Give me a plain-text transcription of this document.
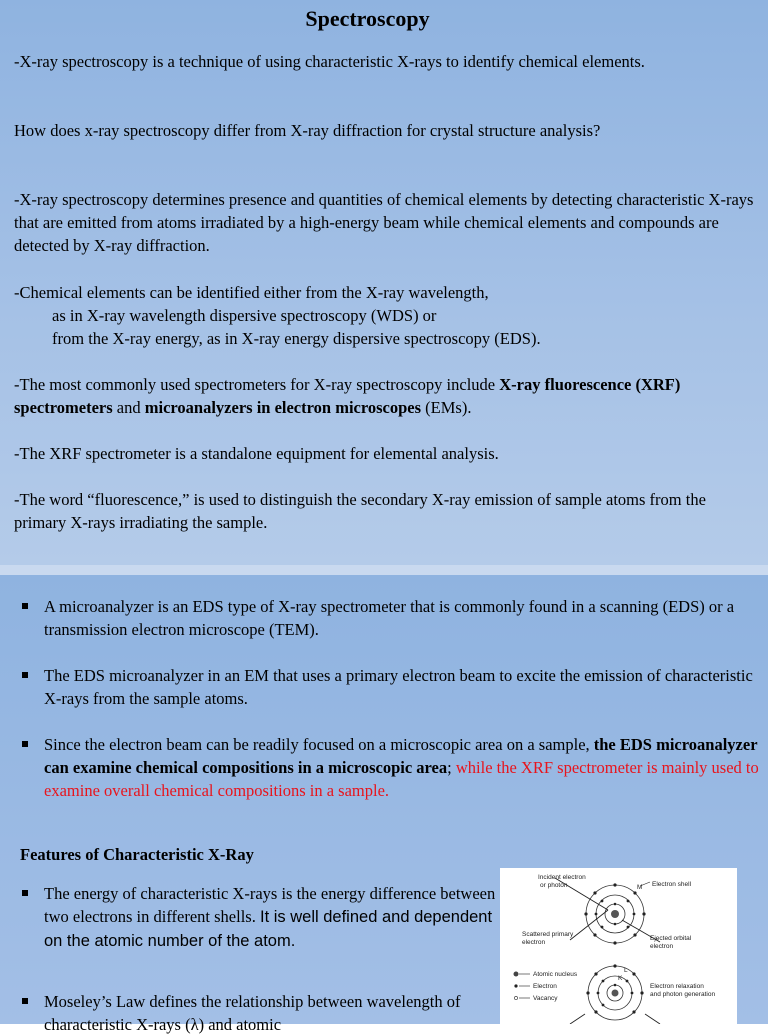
Spectroscopy

-X-ray spectroscopy is a technique of using characteristic X-rays to identify chemical elements.

How does x-ray spectroscopy differ from X-ray diffraction for crystal structure analysis?

-X-ray spectroscopy determines presence and quantities of chemical elements by detecting characteristic X-rays that are emitted from atoms irradiated by a high-energy beam while chemical elements and compounds are detected by X-ray diffraction.

-Chemical elements can be identified either from the X-ray wavelength,
as in X-ray wavelength dispersive spectroscopy (WDS) or
from the X-ray energy, as in X-ray energy dispersive spectroscopy (EDS).

-The most commonly used spectrometers for X-ray spectroscopy include X-ray fluorescence (XRF) spectrometers and microanalyzers in electron microscopes (EMs).

-The XRF spectrometer is a standalone equipment for elemental analysis.

-The word “fluorescence,” is used to distinguish the secondary X-ray emission of sample atoms from the primary X-rays irradiating the sample.

A microanalyzer is an EDS type of X-ray spectrometer that is commonly found in a scanning (EDS) or a transmission electron microscope (TEM).
The EDS microanalyzer in an EM that uses a primary electron beam to excite the emission of characteristic X-rays from the sample atoms.
Since the electron beam can be readily focused on a microscopic area on a sample, the EDS microanalyzer can examine chemical compositions in a microscopic area; while the XRF spectrometer is mainly used to examine overall chemical compositions in a sample.
Features of Characteristic X-Ray
The energy of characteristic X-rays is the energy difference between two electrons in different shells. It is well defined and dependent on the atomic number of the atom.
Moseley’s Law defines the relationship between wavelength of characteristic X-rays (λ) and atomic
Incident electron
or photon	Electron shell
Scattered primary
electron
Ejected orbital
electron
Atomic nucleus
Electron
Vacancy
Electron relaxation
and photon generation
M
L
K
